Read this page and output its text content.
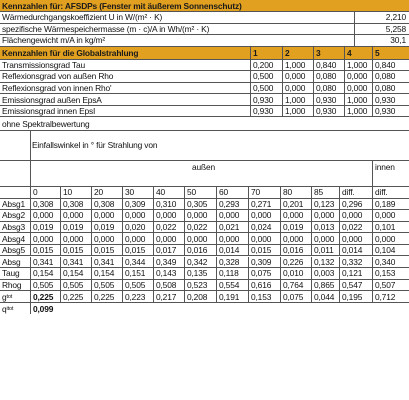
Kennzahlen für: AFSDPs (Fenster mit äußerem Sonnenschutz)
Wärmedurchgangskoeffizient U in W/(m² · K)	2,210
spezifische Wärmespeichermasse (m · c)/A in Wh/(m² · K)	5,258
Flächengewicht m/A in kg/m²	30,1
Kennzahlen für die Globalstrahlung	1	2	3	4	5
Transmissionsgrad Tau	0,200	1,000	0,840	1,000 0,840
Reflexionsgrad von außen Rho	0,500	0,000	0,080	0,000 0,080
Reflexionsgrad von innen Rho'	0,500	0,000	0,080	0,000 0,080
Emissionsgrad außen EpsA	0,930	1,000	0,930	1,000 0,930
Emissionsgrad innen EpsI	0,930	1,000	0,930	1,000 0,930
ohne Spektralbewertung
Einfallswinkel in ° für Strahlung von
außen	innen
0	10	20	30	40	50	60	70	80	85	diff.	diff.
Absg1 0,308	0,308	0,308	0,309	0,310	0,305	0,293	0,271	0,201	0,123 0,296	0,189
Absg2 0,000	0,000	0,000	0,000	0,000	0,000	0,000	0,000	0,000	0,000 0,000	0,000
Absg3 0,019	0,019	0,019	0,020	0,022	0,022	0,021	0,024	0,019	0,013 0,022	0,101
Absg4 0,000	0,000	0,000	0,000	0,000	0,000	0,000	0,000	0,000	0,000 0,000	0,000
Absg5 0,015	0,015	0,015	0,015	0,017	0,016	0,014	0,015	0,016	0,011	0,014	0,104
Absg	0,341	0,341	0,341	0,344	0,349	0,342	0,328	0,309	0,226	0,132 0,332	0,340
Taug	0,154	0,154	0,154	0,151	0,143	0,135	0,118	0,075	0,010	0,003 0,121	0,153
Rhog	0,505	0,505	0,505	0,505	0,508	0,523	0,554	0,616	0,764	0,865 0,547	0,507
g tot	0,225	0,225	0,225	0,223	0,217	0,208	0,191	0,153	0,075	0,044 0,195	0,712
q itot	0,099
